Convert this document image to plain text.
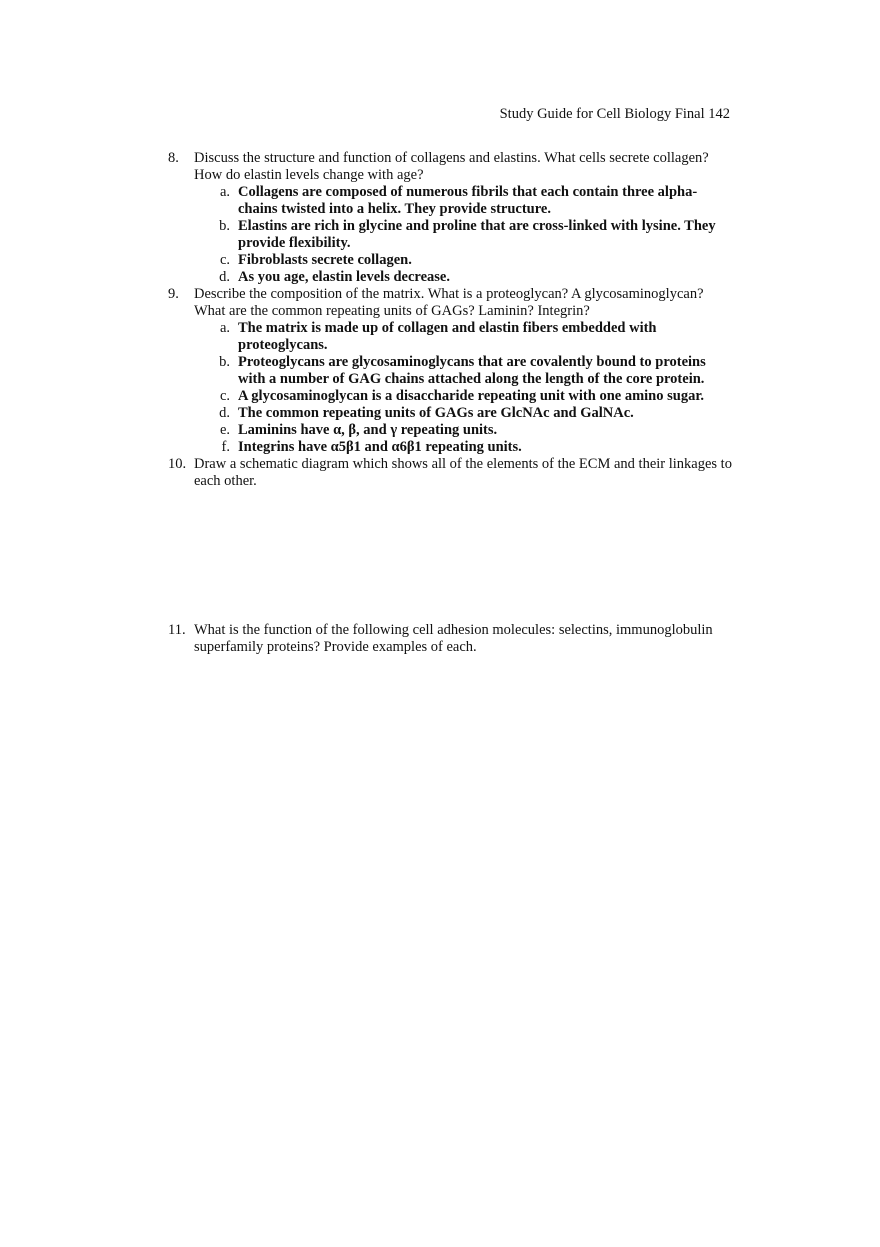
Study Guide for Cell Biology Final 142
8.	Discuss the structure and function of collagens and elastins. What cells secrete collagen? How do elastin levels change with age?
a. Collagens are composed of numerous fibrils that each contain three alpha-chains twisted into a helix. They provide structure.
b. Elastins are rich in glycine and proline that are cross-linked with lysine. They provide flexibility.
c. Fibroblasts secrete collagen.
d. As you age, elastin levels decrease.
9.	Describe the composition of the matrix. What is a proteoglycan? A glycosaminoglycan? What are the common repeating units of GAGs? Laminin? Integrin?
a. The matrix is made up of collagen and elastin fibers embedded with proteoglycans.
b. Proteoglycans are glycosaminoglycans that are covalently bound to proteins with a number of GAG chains attached along the length of the core protein.
c. A glycosaminoglycan is a disaccharide repeating unit with one amino sugar.
d. The common repeating units of GAGs are GlcNAc and GalNAc.
e. Laminins have α, β, and γ repeating units.
f. Integrins have α5β1 and α6β1 repeating units.
10. Draw a schematic diagram which shows all of the elements of the ECM and their linkages to each other.
11. What is the function of the following cell adhesion molecules: selectins, immunoglobulin superfamily proteins? Provide examples of each.
